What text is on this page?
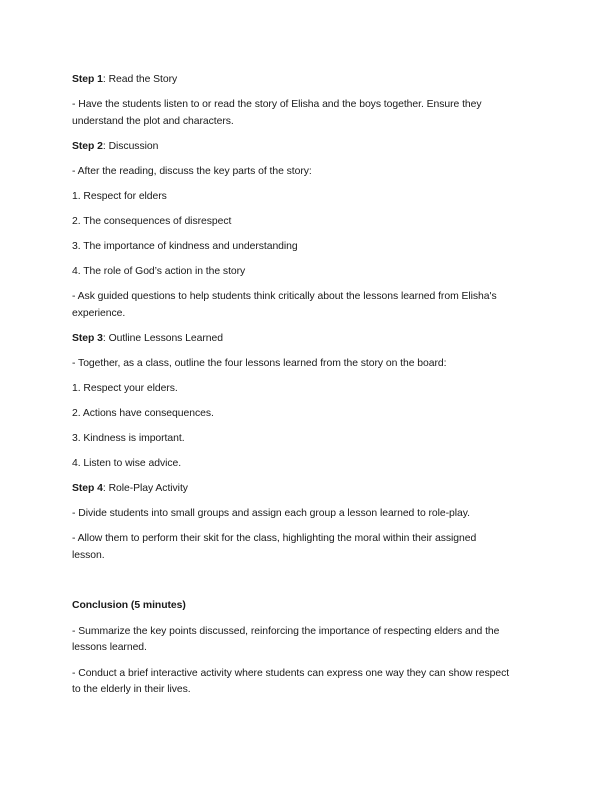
Step 1: Read the Story
- Have the students listen to or read the story of Elisha and the boys together. Ensure they
understand the plot and characters.
Step 2: Discussion
- After the reading, discuss the key parts of the story:
1. Respect for elders
2. The consequences of disrespect
3. The importance of kindness and understanding
4. The role of God’s action in the story
- Ask guided questions to help students think critically about the lessons learned from Elisha's
experience.
Step 3: Outline Lessons Learned
- Together, as a class, outline the four lessons learned from the story on the board:
1. Respect your elders.
2. Actions have consequences.
3. Kindness is important.
4. Listen to wise advice.
Step 4: Role-Play Activity
- Divide students into small groups and assign each group a lesson learned to role-play.
- Allow them to perform their skit for the class, highlighting the moral within their assigned
lesson.
Conclusion (5 minutes)
- Summarize the key points discussed, reinforcing the importance of respecting elders and the
lessons learned.
- Conduct a brief interactive activity where students can express one way they can show respect
to the elderly in their lives.
